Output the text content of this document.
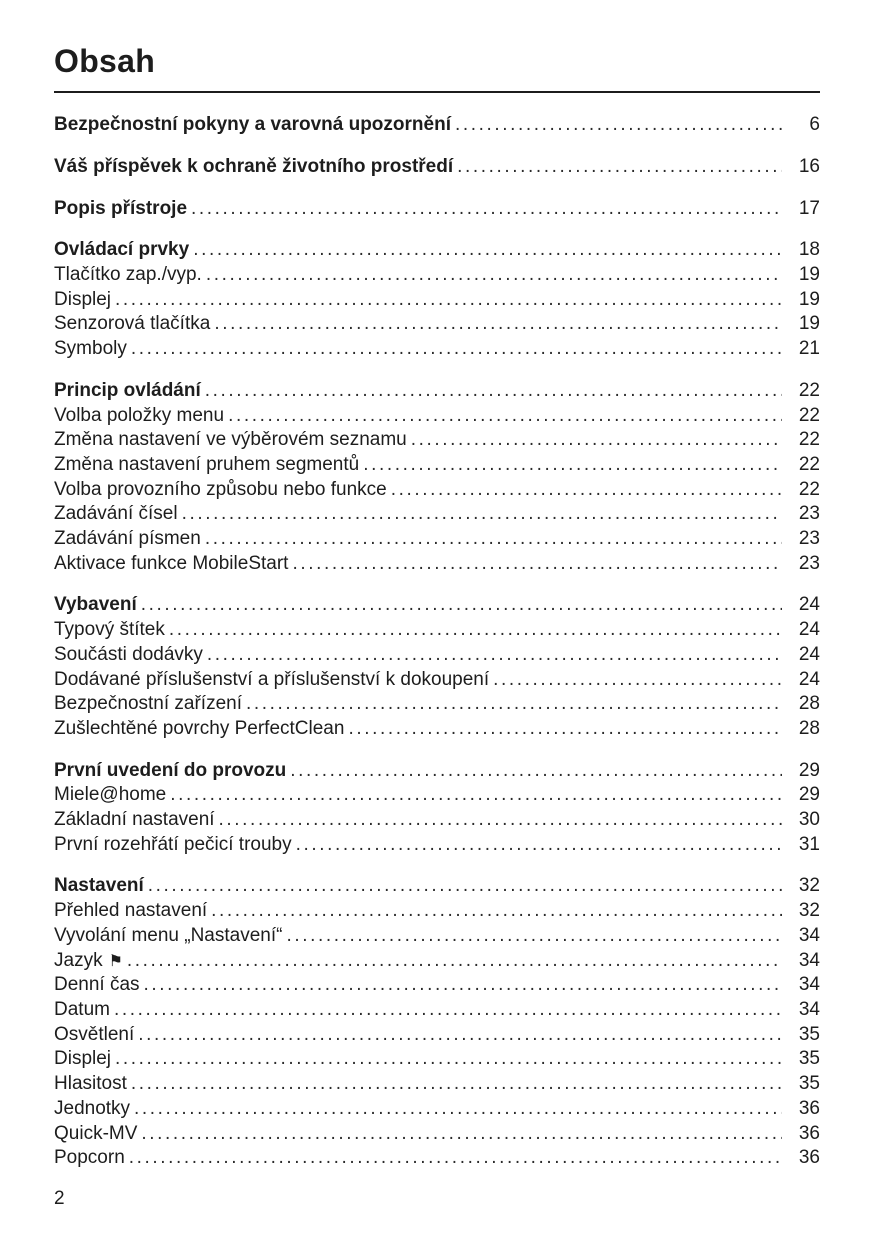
Obsah
Bezpečnostní pokyny a varovná upozornění .....	6
Váš příspěvek k ochraně životního prostředí .....	16
Popis přístroje .....	17
Ovládací prvky .....	18
Tlačítko zap./vyp. .....	19
Displej .....	19
Senzorová tlačítka .....	19
Symboly .....	21
Princip ovládání .....	22
Volba položky menu .....	22
Změna nastavení ve výběrovém seznamu .....	22
Změna nastavení pruhem segmentů .....	22
Volba provozního způsobu nebo funkce .....	22
Zadávání čísel .....	23
Zadávání písmen .....	23
Aktivace funkce MobileStart .....	23
Vybavení .....	24
Typový štítek .....	24
Součásti dodávky .....	24
Dodávané příslušenství a příslušenství k dokoupení .....	24
Bezpečnostní zařízení .....	28
Zušlechtěné povrchy PerfectClean .....	28
První uvedení do provozu .....	29
Miele@home .....	29
Základní nastavení .....	30
První rozehřátí pečicí trouby .....	31
Nastavení .....	32
Přehled nastavení .....	32
Vyvolání menu „Nastavení“ .....	34
Jazyk ⚑ .....	34
Denní čas .....	34
Datum .....	34
Osvětlení .....	35
Displej .....	35
Hlasitost .....	35
Jednotky .....	36
Quick-MV .....	36
Popcorn .....	36
2
